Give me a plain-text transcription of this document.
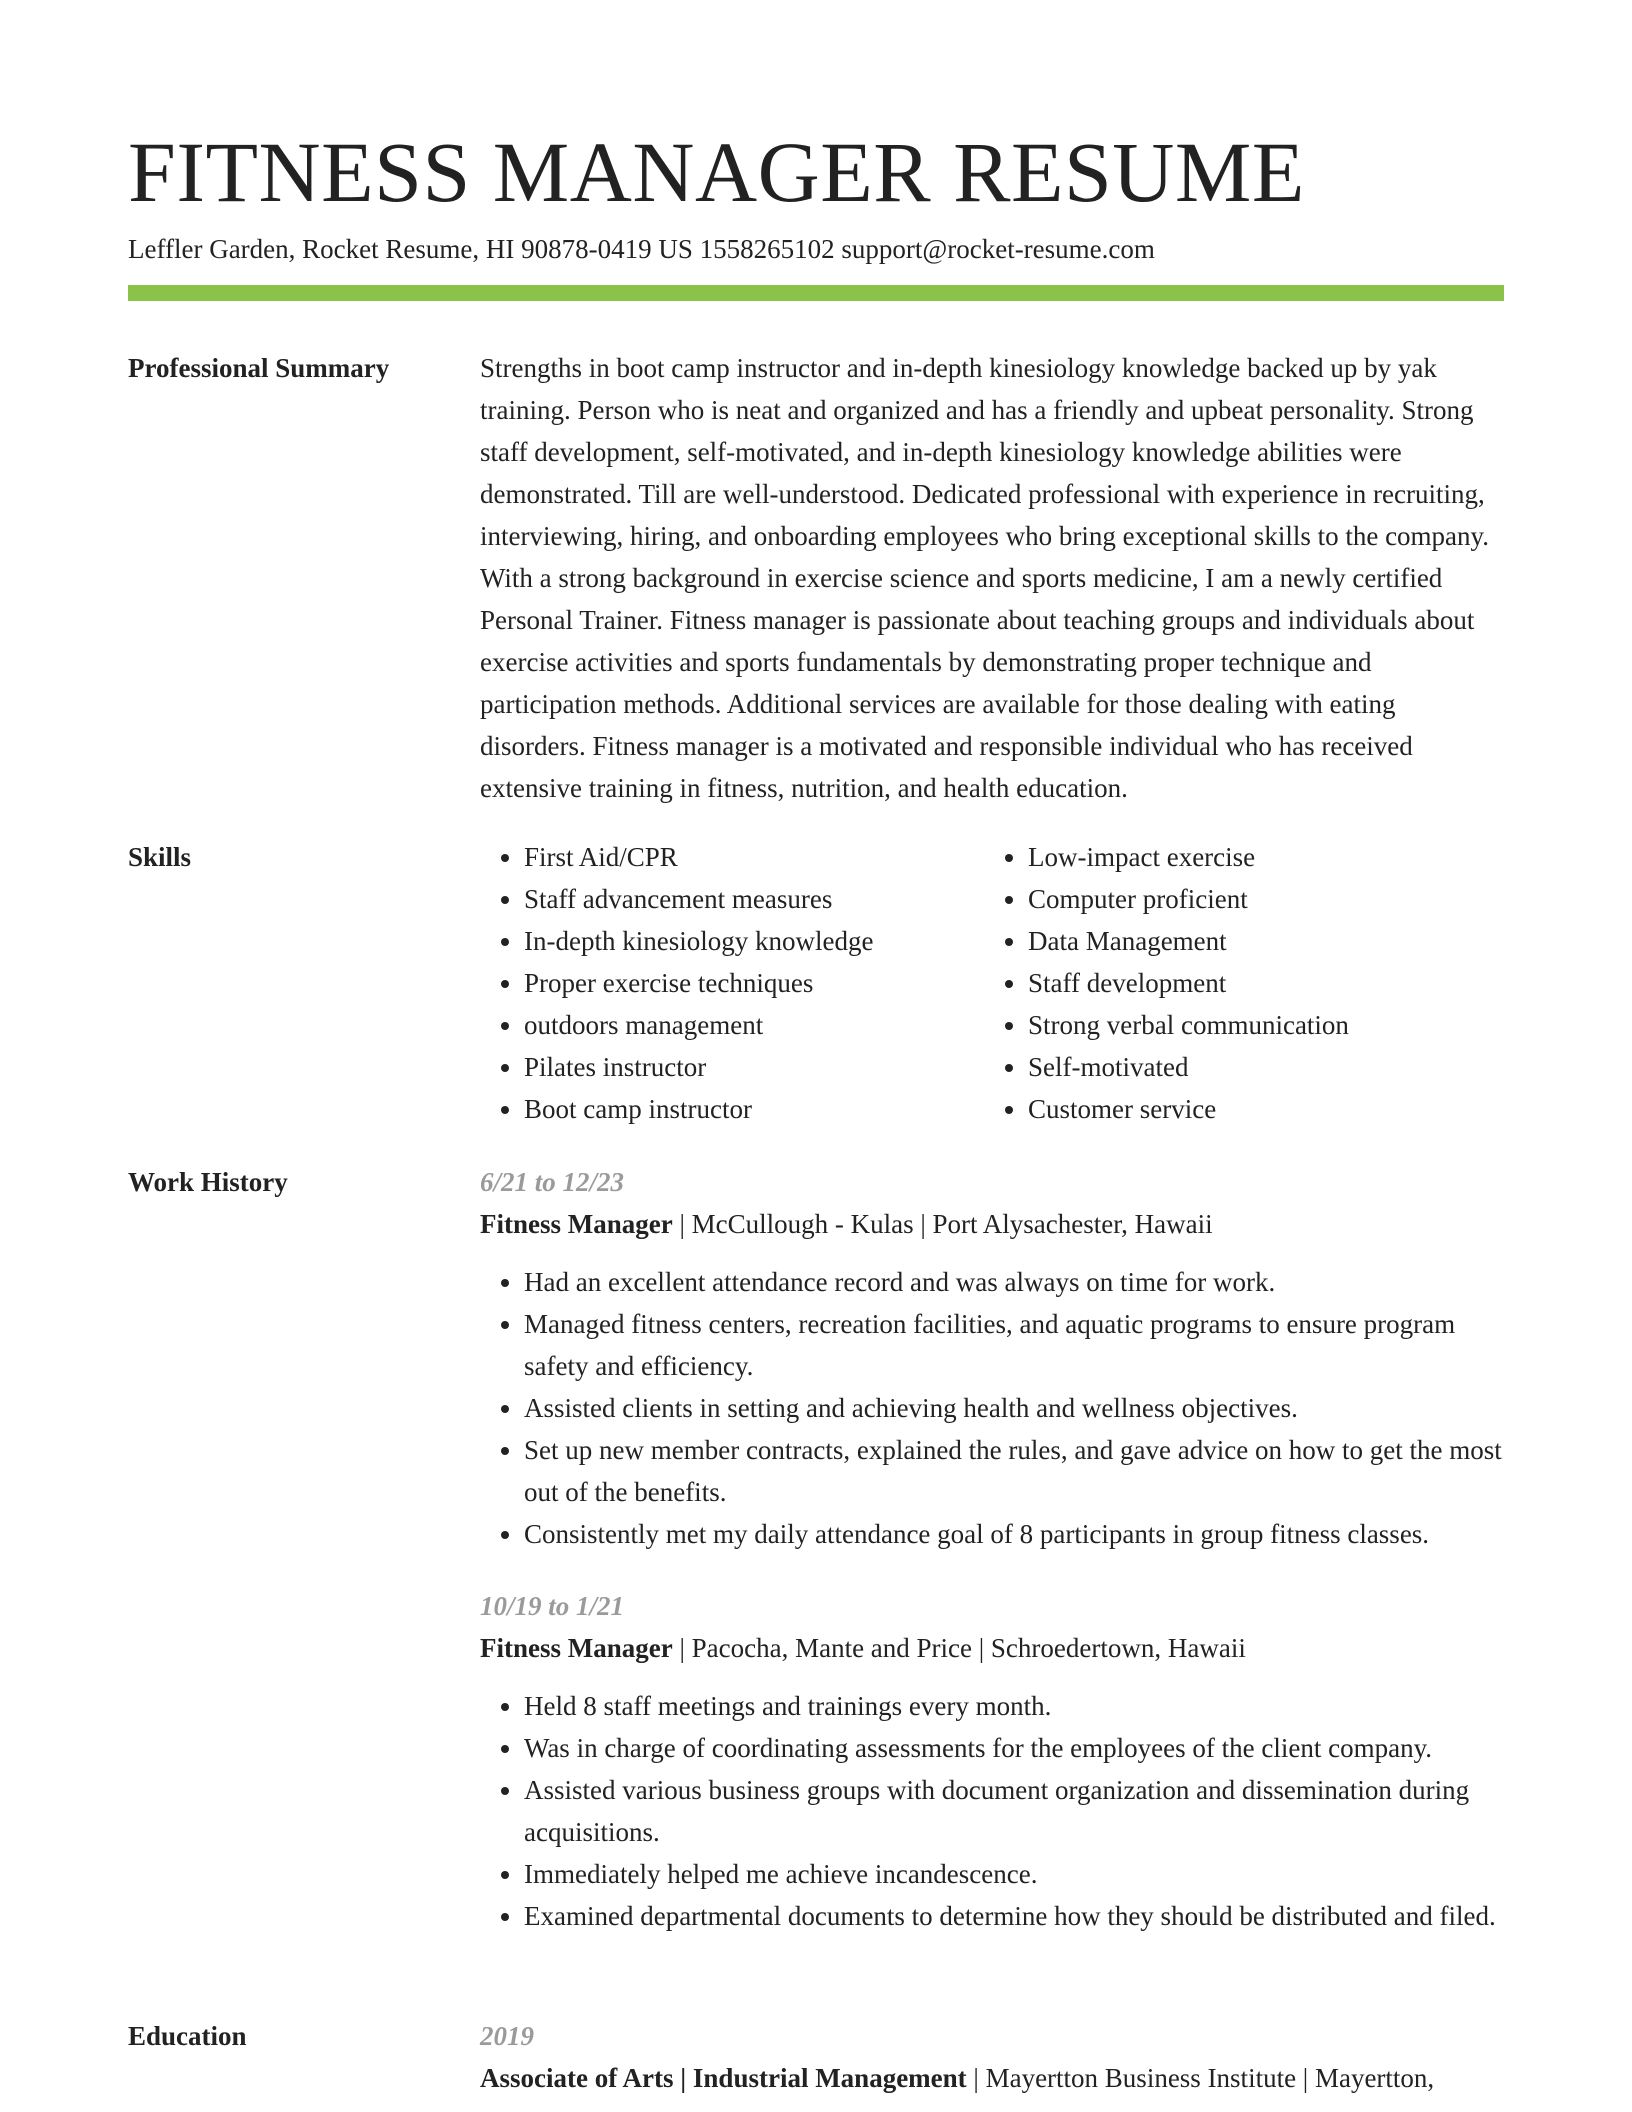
FITNESS MANAGER RESUME
Leffler Garden, Rocket Resume, HI 90878-0419 US 1558265102 support@rocket-resume.com
Professional Summary	Strengths in boot camp instructor and in-depth kinesiology knowledge backed up by yak training. Person who is neat and organized and has a friendly and upbeat personality. Strong staff development, self-motivated, and in-depth kinesiology knowledge abilities were demonstrated. Till are well-understood. Dedicated professional with experience in recruiting, interviewing, hiring, and onboarding employees who bring exceptional skills to the company. With a strong background in exercise science and sports medicine, I am a newly certified Personal Trainer. Fitness manager is passionate about teaching groups and individuals about exercise activities and sports fundamentals by demonstrating proper technique and participation methods. Additional services are available for those dealing with eating disorders. Fitness manager is a motivated and responsible individual who has received extensive training in fitness, nutrition, and health education.

Skills
•	First Aid/CPR
• Staff advancement measures
• In-depth kinesiology knowledge
• Proper exercise techniques
• outdoors management
• Pilates instructor
• Boot camp instructor
• Low-impact exercise
• Computer proficient
• Data Management
• Staff development
• Strong verbal communication
• Self-motivated
• Customer service
Work History	6/21 to 12/23
Fitness Manager | McCullough - Kulas | Port Alysachester, Hawaii
• Had an excellent attendance record and was always on time for work.
• Managed fitness centers, recreation facilities, and aquatic programs to ensure program safety and efficiency.
• Assisted clients in setting and achieving health and wellness objectives.
• Set up new member contracts, explained the rules, and gave advice on how to get the most out of the benefits.
• Consistently met my daily attendance goal of 8 participants in group fitness classes.
10/19 to 1/21
Fitness Manager | Pacocha, Mante and Price | Schroedertown, Hawaii
• Held 8 staff meetings and trainings every month.
• Was in charge of coordinating assessments for the employees of the client company.
• Assisted various business groups with document organization and dissemination during acquisitions.
• Immediately helped me achieve incandescence.
• Examined departmental documents to determine how they should be distributed and filed.
Education	2019
Associate of Arts | Industrial Management | Mayertton Business Institute | Mayertton,
